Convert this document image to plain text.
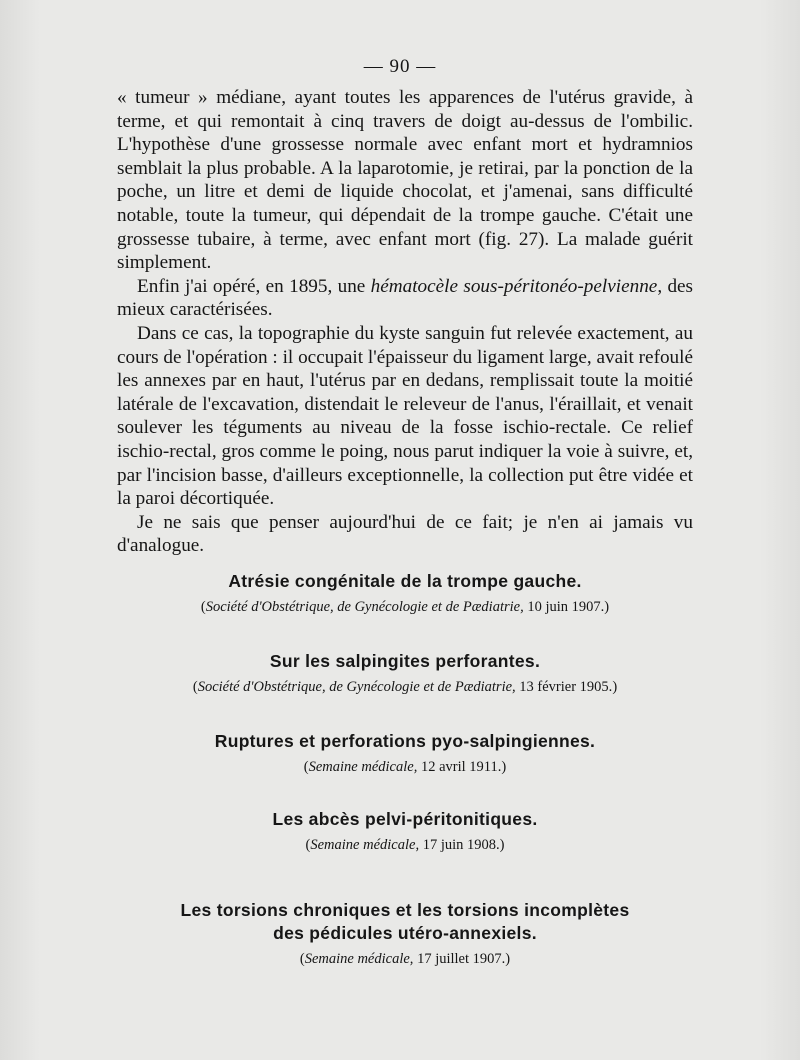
— 90 —

« tumeur » médiane, ayant toutes les apparences de l'utérus gravide, à terme, et qui remontait à cinq travers de doigt au-dessus de l'ombilic. L'hypothèse d'une grossesse normale avec enfant mort et hydramnios semblait la plus probable. A la laparotomie, je retirai, par la ponction de la poche, un litre et demi de liquide chocolat, et j'amenai, sans difficulté notable, toute la tumeur, qui dépendait de la trompe gauche. C'était une grossesse tubaire, à terme, avec enfant mort (fig. 27). La malade guérit simplement.

Enfin j'ai opéré, en 1895, une hématocèle sous-péritonéo-pelvienne, des mieux caractérisées.

Dans ce cas, la topographie du kyste sanguin fut relevée exactement, au cours de l'opération : il occupait l'épaisseur du ligament large, avait refoulé les annexes par en haut, l'utérus par en dedans, remplissait toute la moitié latérale de l'excavation, distendait le releveur de l'anus, l'éraillait, et venait soulever les téguments au niveau de la fosse ischio-rectale. Ce relief ischio-rectal, gros comme le poing, nous parut indiquer la voie à suivre, et, par l'incision basse, d'ailleurs exceptionnelle, la collection put être vidée et la paroi décortiquée.

Je ne sais que penser aujourd'hui de ce fait; je n'en ai jamais vu d'analogue.

Atrésie congénitale de la trompe gauche.
(Société d'Obstétrique, de Gynécologie et de Pædiatrie, 10 juin 1907.)
Sur les salpingites perforantes.
(Société d'Obstétrique, de Gynécologie et de Pædiatrie, 13 février 1905.)
Ruptures et perforations pyo-salpingiennes.
(Semaine médicale, 12 avril 1911.)
Les abcès pelvi-péritonitiques.
(Semaine médicale, 17 juin 1908.)
Les torsions chroniques et les torsions incomplètes
des pédicules utéro-annexiels.
(Semaine médicale, 17 juillet 1907.)
